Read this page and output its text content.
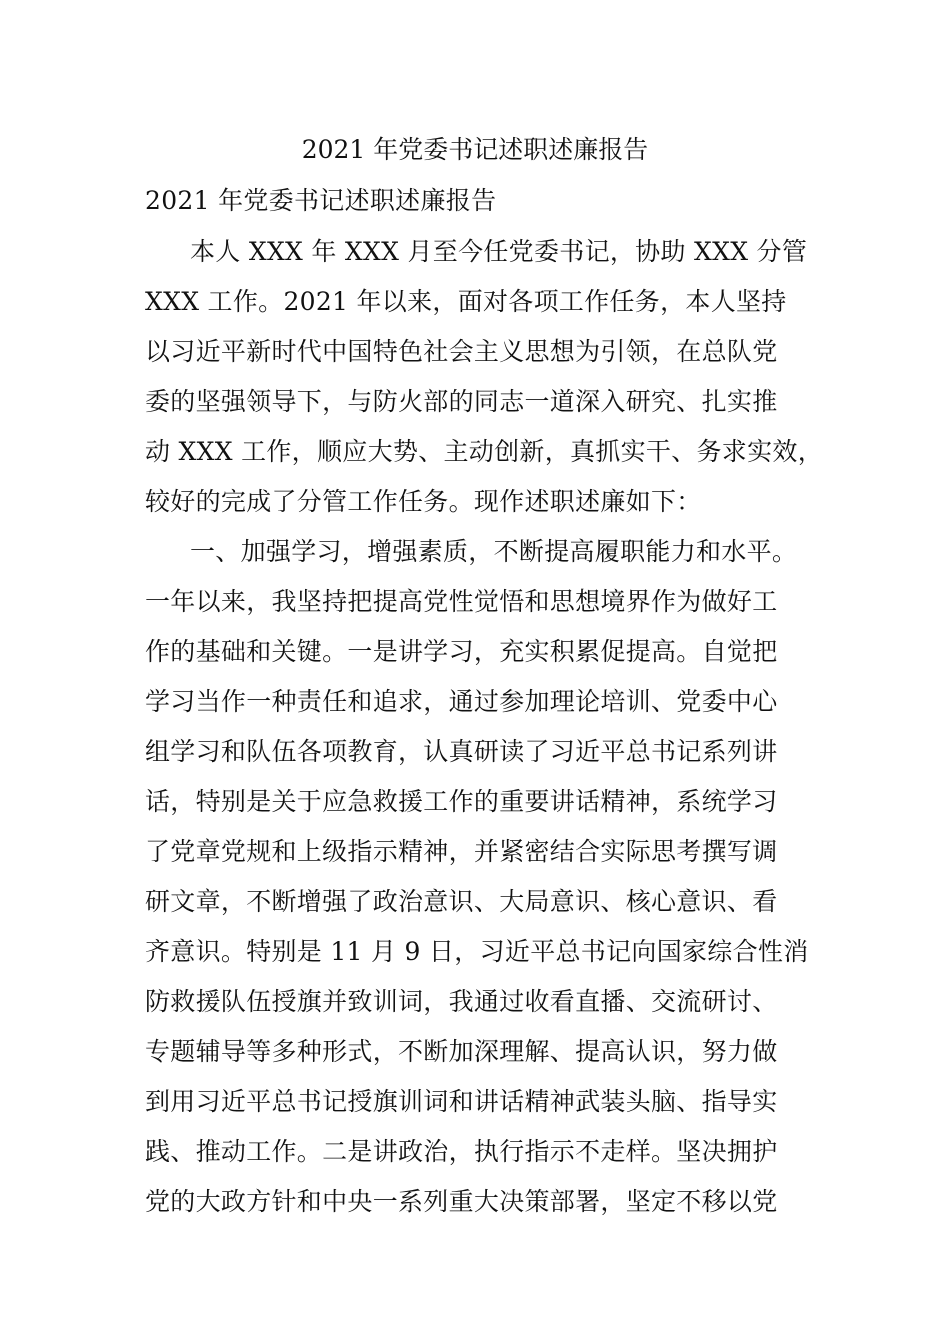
2021 年党委书记述职述廉报告
2021 年党委书记述职述廉报告
本人 XXX 年 XXX 月至今任党委书记，协助 XXX 分管
XXX 工作。2021 年以来，面对各项工作任务，本人坚持
以习近平新时代中国特色社会主义思想为引领，在总队党
委的坚强领导下，与防火部的同志一道深入研究、扎实推
动 XXX 工作，顺应大势、主动创新，真抓实干、务求实效，
较好的完成了分管工作任务。现作述职述廉如下：
一、加强学习，增强素质，不断提高履职能力和水平。
一年以来，我坚持把提高党性觉悟和思想境界作为做好工
作的基础和关键。一是讲学习，充实积累促提高。自觉把
学习当作一种责任和追求，通过参加理论培训、党委中心
组学习和队伍各项教育，认真研读了习近平总书记系列讲
话，特别是关于应急救援工作的重要讲话精神，系统学习
了党章党规和上级指示精神，并紧密结合实际思考撰写调
研文章，不断增强了政治意识、大局意识、核心意识、看
齐意识。特别是 11 月 9 日，习近平总书记向国家综合性消
防救援队伍授旗并致训词，我通过收看直播、交流研讨、
专题辅导等多种形式，不断加深理解、提高认识，努力做
到用习近平总书记授旗训词和讲话精神武装头脑、指导实
践、推动工作。二是讲政治，执行指示不走样。坚决拥护
党的大政方针和中央一系列重大决策部署，坚定不移以党
